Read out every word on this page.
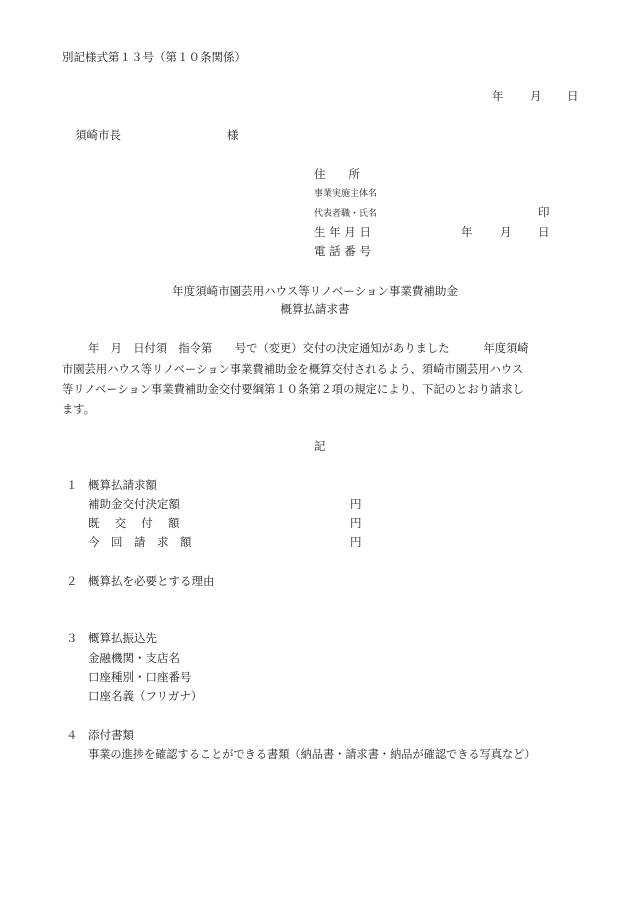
別記様式第１３号（第１０条関係）
年 月 日
須崎市長	様
住　　所
事業実施主体名
代表者職・氏名	印
生 年 月 日	年 月 日
電 話 番 号
年度須崎市園芸用ハウス等リノベーション事業費補助金
概算払請求書
年　月　日付須　指令第　　号で（変更）交付の決定通知がありました　　　年度須崎
市園芸用ハウス等リノベーション事業費補助金を概算交付されるよう、須崎市園芸用ハウス
等リノベーション事業費補助金交付要綱第１０条第２項の規定により、下記のとおり請求し
ます。
記
１ 概算払請求額
補助金交付決定額	円
既　 交　 付　 額	円
今　回　請　求　額	円
２ 概算払を必要とする理由
３ 概算払振込先
金融機関・支店名
口座種別・口座番号
口座名義（フリガナ）
４ 添付書類
事業の進捗を確認することができる書類（納品書・請求書・納品が確認できる写真など）
